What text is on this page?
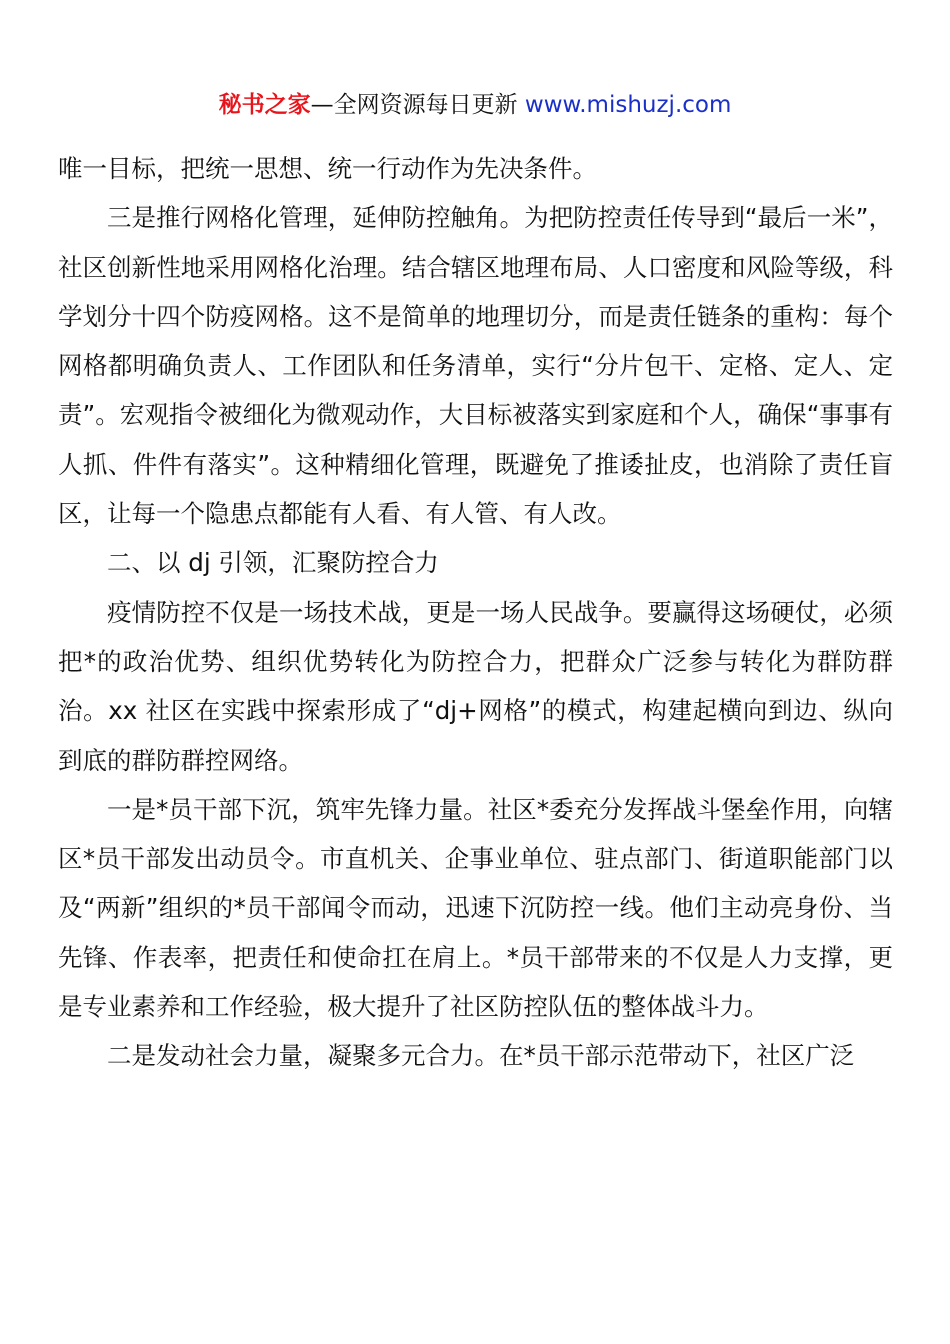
秘书之家—全网资源每日更新 www.mishuzj.com

唯一目标，把统一思想、统一行动作为先决条件。

三是推行网格化管理，延伸防控触角。为把防控责任传导到“最后一米”，社区创新性地采用网格化治理。结合辖区地理布局、人口密度和风险等级，科学划分十四个防疫网格。这不是简单的地理切分，而是责任链条的重构：每个网格都明确负责人、工作团队和任务清单，实行“分片包干、定格、定人、定责”。宏观指令被细化为微观动作，大目标被落实到家庭和个人，确保“事事有人抓、件件有落实”。这种精细化管理，既避免了推诿扯皮，也消除了责任盲区，让每一个隐患点都能有人看、有人管、有人改。

二、以 dj 引领，汇聚防控合力

疫情防控不仅是一场技术战，更是一场人民战争。要赢得这场硬仗，必须把*的政治优势、组织优势转化为防控合力，把群众广泛参与转化为群防群治。xx 社区在实践中探索形成了“dj+网格”的模式，构建起横向到边、纵向到底的群防群控网络。

一是*员干部下沉，筑牢先锋力量。社区*委充分发挥战斗堡垒作用，向辖区*员干部发出动员令。市直机关、企事业单位、驻点部门、街道职能部门以及“两新”组织的*员干部闻令而动，迅速下沉防控一线。他们主动亮身份、当先锋、作表率，把责任和使命扛在肩上。*员干部带来的不仅是人力支撑，更是专业素养和工作经验，极大提升了社区防控队伍的整体战斗力。

二是发动社会力量，凝聚多元合力。在*员干部示范带动下，社区广泛
